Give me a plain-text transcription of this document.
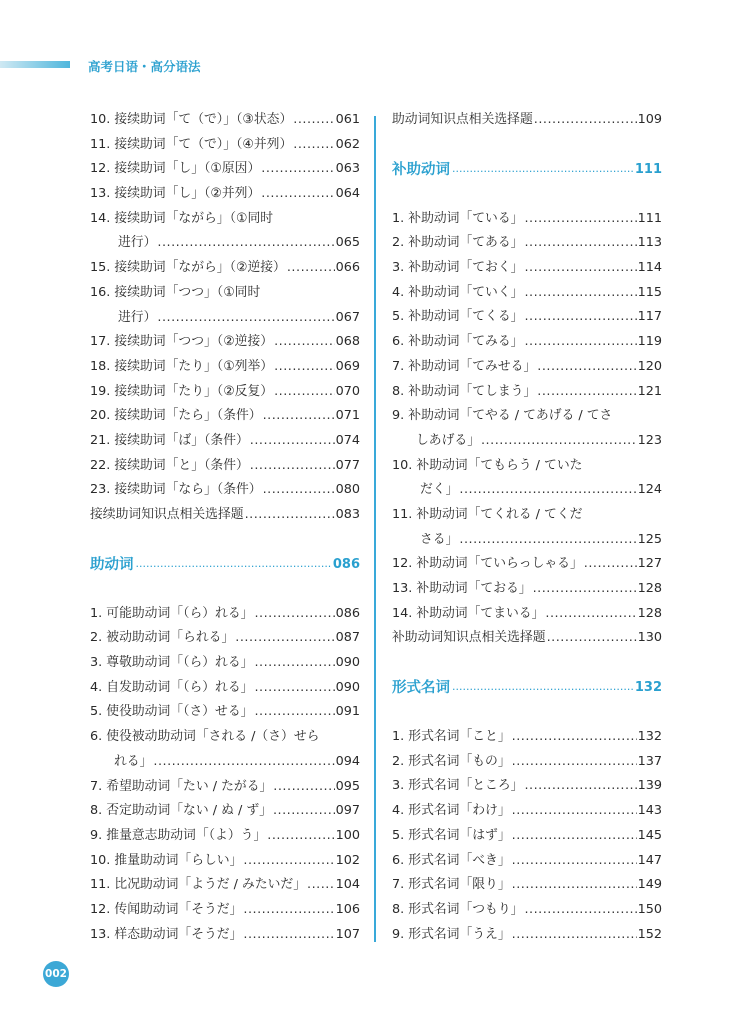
高考日语・高分语法
10. 接续助词「て（で）」（③状态） .....	061
11. 接续助词「て（で）」（④并列） .....	062
12. 接续助词「し」（①原因） .....	063
13. 接续助词「し」（②并列） .....	064
14. 接续助词「ながら」（①同时
进行） .....	065
15. 接续助词「ながら」（②逆接） .....	066
16. 接续助词「つつ」（①同时
进行） .....	067
17. 接续助词「つつ」（②逆接） .....	068
18. 接续助词「たり」（①列举） .....	069
19. 接续助词「たり」（②反复） .....	070
20. 接续助词「たら」（条件） .....	071
21. 接续助词「ば」（条件） .....	074
22. 接续助词「と」（条件） .....	077
23. 接续助词「なら」（条件） .....	080
接续助词知识点相关选择题 .....	083
助动词 .....	086
1. 可能助动词「（ら）れる」 .....	086
2. 被动助动词「られる」 .....	087
3. 尊敬助动词「（ら）れる」 .....	090
4. 自发助动词「（ら）れる」 .....	090
5. 使役助动词「（さ）せる」 .....	091
6. 使役被动助动词「される /（さ）せら
れる」 .....	094
7. 希望助动词「たい / たがる」 .....	095
8. 否定助动词「ない / ぬ / ず」 .....	097
9. 推量意志助动词「（よ）う」 .....	100
10. 推量助动词「らしい」 .....	102
11. 比况助动词「ようだ / みたいだ」 ..... 104
12. 传闻助动词「そうだ」 .....	106
13. 样态助动词「そうだ」 .....	107
助动词知识点相关选择题 .....	109
补助动词 .....	111
1. 补助动词「ている」 .....	111
2. 补助动词「てある」 .....	113
3. 补助动词「ておく」 .....	114
4. 补助动词「ていく」 .....	115
5. 补助动词「てくる」 .....	117
6. 补助动词「てみる」 .....	119
7. 补助动词「てみせる」 .....	120
8. 补助动词「てしまう」 .....	121
9. 补助动词「てやる / てあげる / てさ
しあげる」 .....	123
10. 补助动词「てもらう / ていた
だく」 .....	124
11. 补助动词「てくれる / てくだ
さる」 .....	125
12. 补助动词「ていらっしゃる」 .....	127
13. 补助动词「ておる」 .....	128
14. 补助动词「てまいる」 .....	128
补助动词知识点相关选择题 .....	130
形式名词 .....	132
1. 形式名词「こと」 .....	132
2. 形式名词「もの」 .....	137
3. 形式名词「ところ」 .....	139
4. 形式名词「わけ」 .....	143
5. 形式名词「はず」 .....	145
6. 形式名词「べき」 .....	147
7. 形式名词「限り」 .....	149
8. 形式名词「つもり」 .....	150
9. 形式名词「うえ」 .....	152
002
